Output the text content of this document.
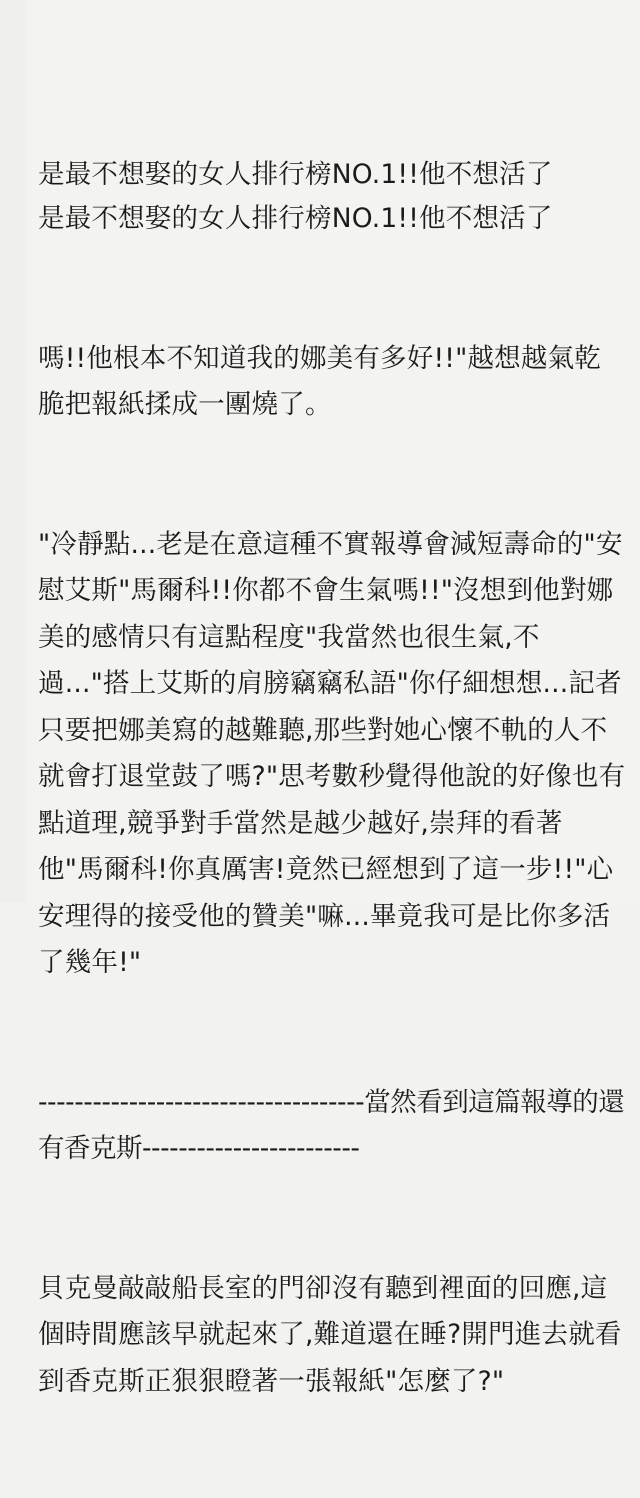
是最不想娶的女人排行榜NO.1!!他不想活了

是最不想娶的女人排行榜NO.1!!他不想活了

嗎!!他根本不知道我的娜美有多好!!"越想越氣乾脆把報紙揉成一團燒了。

"冷靜點...老是在意這種不實報導會減短壽命的"安慰艾斯"馬爾科!!你都不會生氣嗎!!"沒想到他對娜美的感情只有這點程度"我當然也很生氣,不過..."搭上艾斯的肩膀竊竊私語"你仔細想想...記者只要把娜美寫的越難聽,那些對她心懷不軌的人不就會打退堂鼓了嗎?"思考數秒覺得他說的好像也有點道理,競爭對手當然是越少越好,崇拜的看著他"馬爾科!你真厲害!竟然已經想到了這一步!!"心安理得的接受他的贊美"嘛...畢竟我可是比你多活了幾年!"

------------------------------------當然看到這篇報導的還有香克斯------------------------

貝克曼敲敲船長室的門卻沒有聽到裡面的回應,這個時間應該早就起來了,難道還在睡?開門進去就看到香克斯正狠狠瞪著一張報紙"怎麼了?"
